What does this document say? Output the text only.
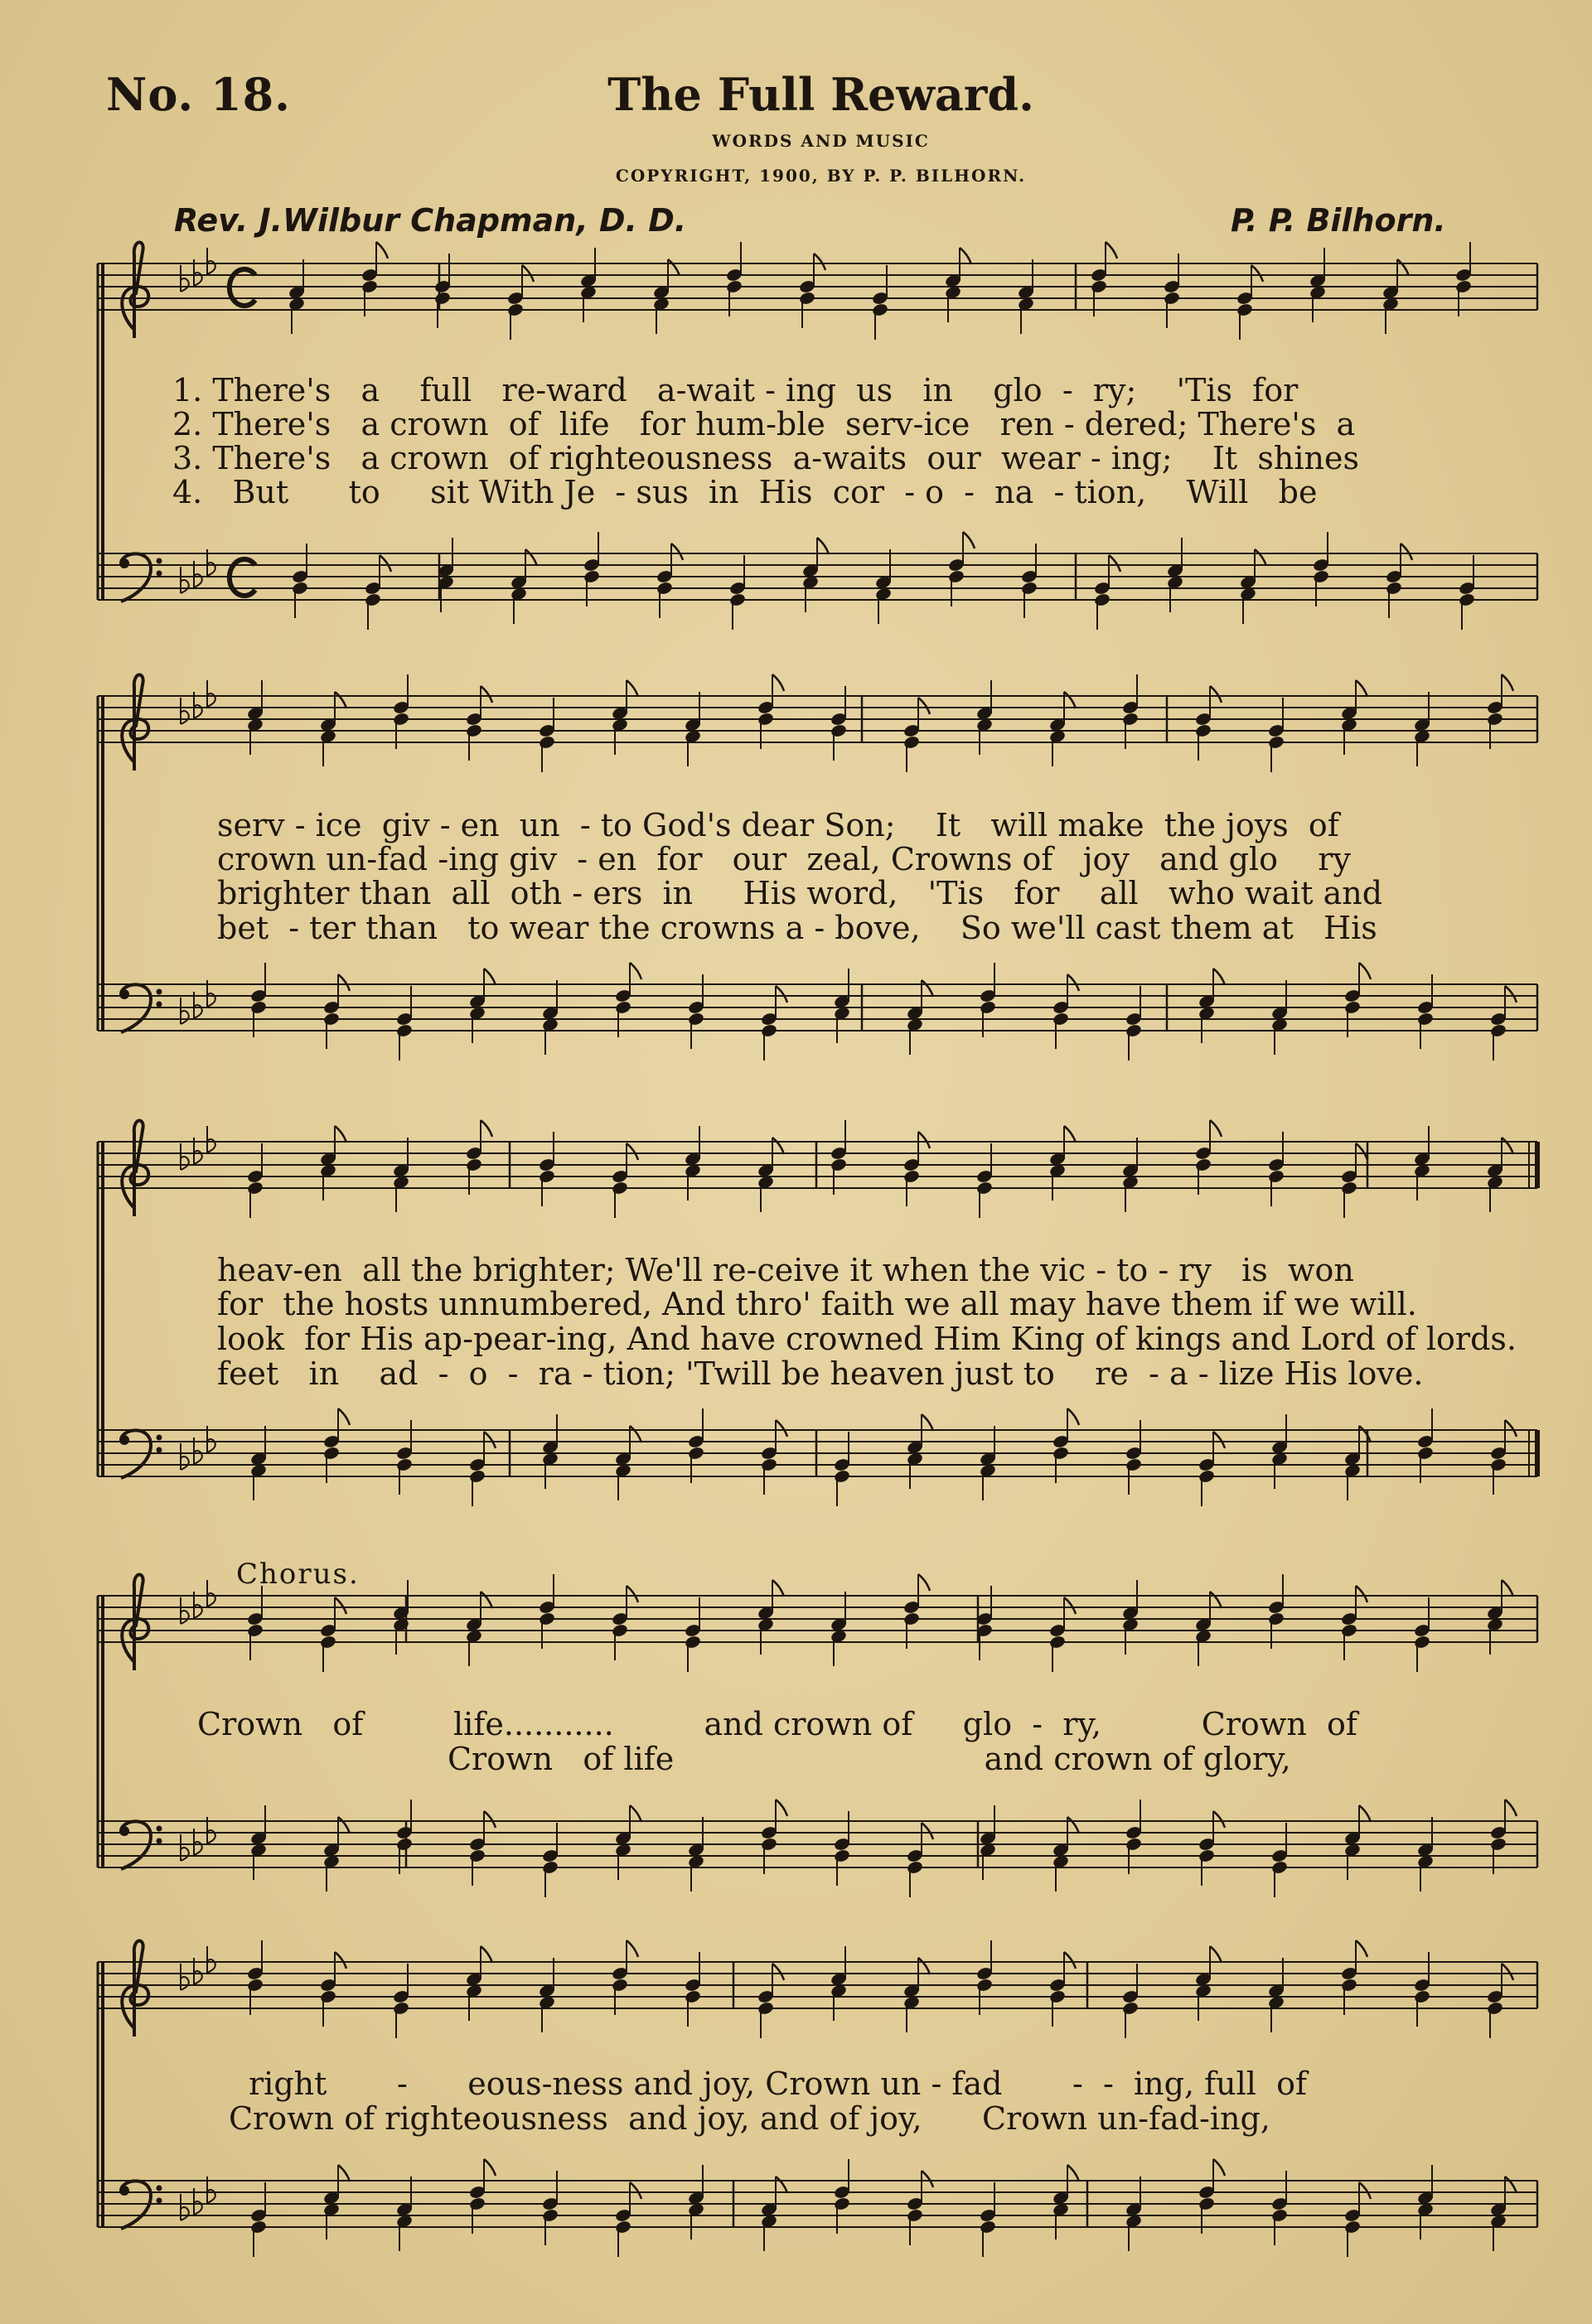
No. 18.	The Full Reward.
WORDS AND MUSIC
COPYRIGHT, 1900, BY P. P. BILHORN.
Rev. J.Wilbur Chapman, D. D.	P. P. Bilhorn.
1. There's   a    full   re-ward   a-wait - ing  us   in    glo  -  ry;    'Tis  for
2. There's   a crown  of  life   for hum-ble  serv-ice   ren - dered; There's  a
3. There's   a crown  of righteousness  a-waits  our  wear - ing;    It  shines
4.   But      to     sit With Je  - sus  in  His  cor  - o  -  na  - tion,    Will   be
serv - ice  giv - en  un  - to God's dear Son;    It   will make  the joys  of
crown un-fad -ing giv  - en  for   our  zeal, Crowns of   joy   and glo    ry
brighter than  all  oth - ers  in     His word,   'Tis   for    all   who wait and
bet  - ter than   to wear the crowns a - bove,    So we'll cast them at   His
heav-en  all the brighter; We'll re-ceive it when the vic - to - ry   is  won
for  the hosts unnumbered, And thro' faith we all may have them if we will.
look  for His ap-pear-ing, And have crowned Him King of kings and Lord of lords.
feet   in    ad  -  o  -  ra - tion; 'Twill be heaven just to    re  - a - lize His love.
Chorus.
Crown   of         life...........         and crown of     glo  -  ry,          Crown  of
Crown   of life                               and crown of glory,
right       -      eous-ness and joy, Crown un - fad       -  -  ing, full  of
Crown of righteousness  and joy, and of joy,      Crown un-fad-ing,
